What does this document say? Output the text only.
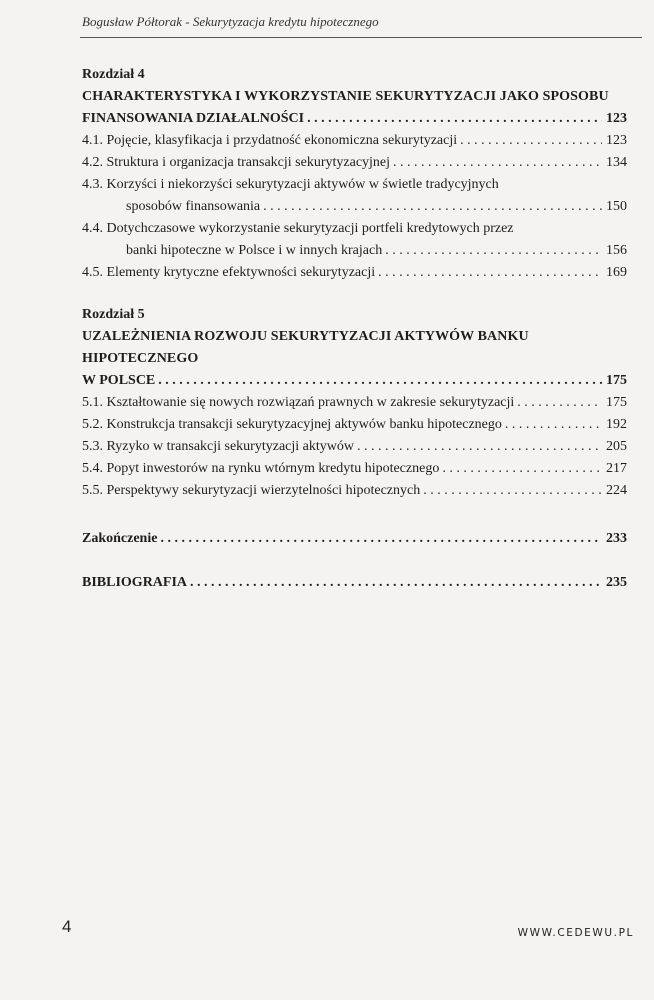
Bogusław Półtorak - Sekurytyzacja kredytu hipotecznego
Rozdział 4
CHARAKTERYSTYKA I WYKORZYSTANIE SEKURYTYZACJI JAKO SPOSOBU
FINANSOWANIA DZIAŁALNOŚCI . . .	123
4.1. Pojęcie, klasyfikacja i przydatność ekonomiczna sekurytyzacji . . .	123
4.2. Struktura i organizacja transakcji sekurytyzacyjnej . . .	134
4.3. Korzyści i niekorzyści sekurytyzacji aktywów w świetle tradycyjnych
sposobów finansowania . . .	150
4.4. Dotychczasowe wykorzystanie sekurytyzacji portfeli kredytowych przez
banki hipoteczne w Polsce i w innych krajach . . .	156
4.5. Elementy krytyczne efektywności sekurytyzacji . . .	169
Rozdział 5
UZALEŻNIENIA ROZWOJU SEKURYTYZACJI AKTYWÓW BANKU HIPOTECZNEGO
W POLSCE . . .	175
5.1. Kształtowanie się nowych rozwiązań prawnych w zakresie sekurytyzacji . . .	175
5.2. Konstrukcja transakcji sekurytyzacyjnej aktywów banku hipotecznego . . .	192
5.3. Ryzyko w transakcji sekurytyzacji aktywów . . .	205
5.4. Popyt inwestorów na rynku wtórnym kredytu hipotecznego . . .	217
5.5. Perspektywy sekurytyzacji wierzytelności hipotecznych . . .	224
Zakończenie . . .	233
BIBLIOGRAFIA . . .	235
4	WWW.CEDEWU.PL
